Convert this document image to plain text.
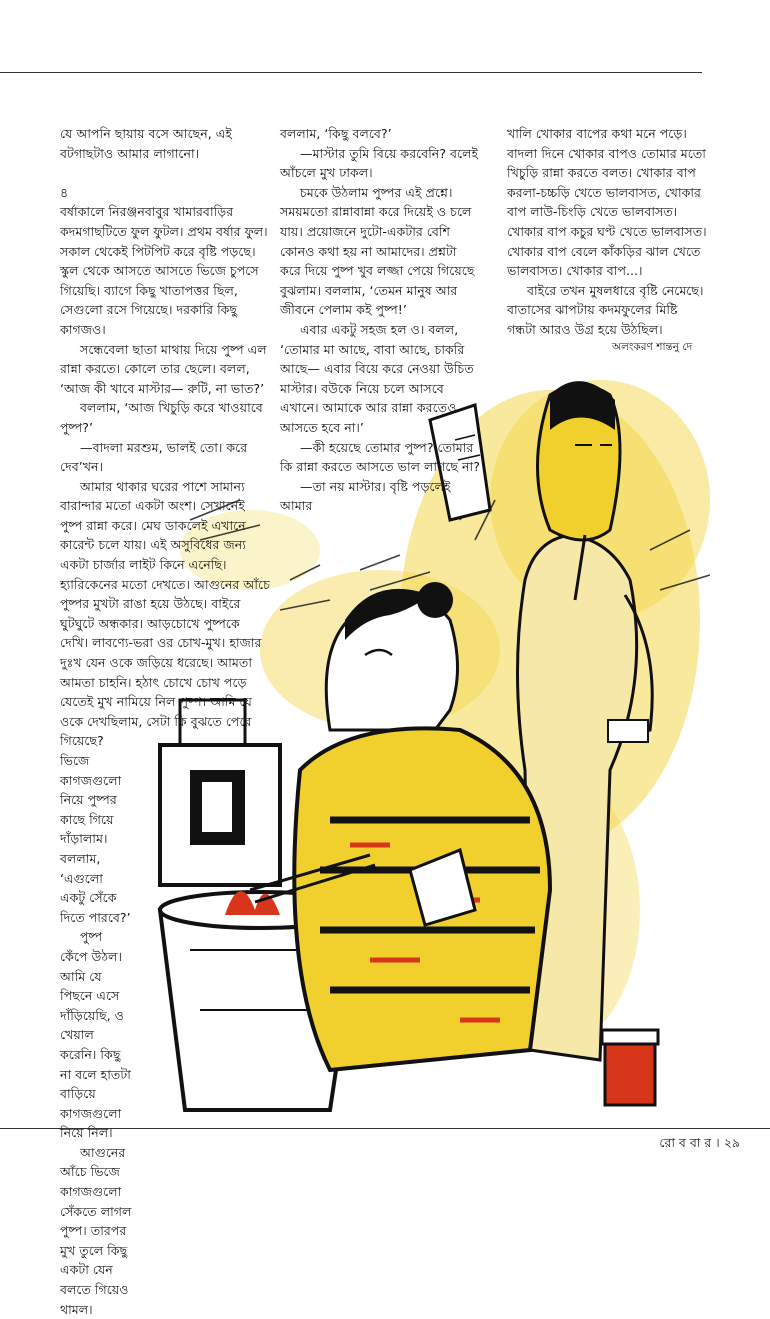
যে আপনি ছায়ায় বসে আছেন, এই বটগাছটাও আমার লাগানো।

৪

বর্ষাকালে নিরঞ্জনবাবুর খামারবাড়ির কদমগাছটিতে ফুল ফুটল। প্রথম বর্ষার ফুল। সকাল থেকেই পিটপিট করে বৃষ্টি পড়ছে। স্কুল থেকে আসতে আসতে ভিজে চুপসে গিয়েছি। ব্যাগে কিছু খাতাপত্তর ছিল, সেগুলো রসে গিয়েছে। দরকারি কিছু কাগজও।

সন্ধেবেলা ছাতা মাথায় দিয়ে পুষ্প এল রান্না করতে। কোলে তার ছেলে। বলল, ‘আজ কী খাবে মাস্টার— রুটি, না ভাত?’

বললাম, ‘আজ খিচুড়ি করে খাওয়াবে পুষ্প?’

—বাদলা মরশুম, ভালই তো। করে দেব’খন।

আমার থাকার ঘরের পাশে সামান্য বারান্দার মতো একটা অংশ। সেখানেই পুষ্প রান্না করে। মেঘ ডাকলেই এখানে কারেন্ট চলে যায়। এই অসুবিধের জন্য একটা চার্জার লাইট কিনে এনেছি। হ্যারিকেনের মতো দেখতে। আগুনের আঁচে পুষ্পর মুখটা রাঙা হয়ে উঠছে। বাইরে ঘুটঘুটে অন্ধকার। আড়চোখে পুষ্পকে দেখি। লাবণ্যে-ভরা ওর চোখ-মুখ। হাজার দুঃখ যেন ওকে জড়িয়ে ধরেছে। আমতা আমতা চাহনি। হঠাৎ চোখে চোখ পড়ে যেতেই মুখ নামিয়ে নিল পুষ্প। আমি যে ওকে দেখছিলাম, সেটা কি বুঝতে পেরে গিয়েছে?

ভিজে কাগজগুলো নিয়ে পুষ্পর কাছে গিয়ে দাঁড়ালাম। বললাম, ‘এগুলো একটু সেঁকে দিতে পারবে?’

পুষ্প কেঁপে উঠল। আমি যে পিছনে এসে দাঁড়িয়েছি, ও খেয়াল করেনি। কিছু না বলে হাতটা বাড়িয়ে কাগজগুলো নিয়ে নিল।

আগুনের আঁচে ভিজে কাগজগুলো সেঁকতে লাগল পুষ্প। তারপর মুখ তুলে কিছু একটা যেন বলতে গিয়েও থামল।

বললাম, ‘কিছু বলবে?’

—মাস্টার তুমি বিয়ে করবেনি? বলেই আঁচলে মুখ ঢাকল।

চমকে উঠলাম পুষ্পর এই প্রশ্নে। সময়মতো রান্নাবান্না করে দিয়েই ও চলে যায়। প্রয়োজনে দুটো-একটার বেশি কোনও কথা হয় না আমাদের। প্রশ্নটা করে দিয়ে পুষ্প খুব লজ্জা পেয়ে গিয়েছে বুঝলাম। বললাম, ‘তেমন মানুষ আর জীবনে পেলাম কই পুষ্প!’

এবার একটু সহজ হল ও। বলল, ‘তোমার মা আছে, বাবা আছে, চাকরি আছে— এবার বিয়ে করে নেওয়া উচিত মাস্টার। বউকে নিয়ে চলে আসবে এখানে। আমাকে আর রান্না করতেও আসতে হবে না।’

—কী হয়েছে তোমার পুষ্প? তোমার কি রান্না করতে আসতে ভাল লাগছে না?

—তা নয় মাস্টার। বৃষ্টি পড়লেই আমার

খালি খোকার বাপের কথা মনে পড়ে। বাদলা দিনে খোকার বাপও তোমার মতো খিচুড়ি রান্না করতে বলত। খোকার বাপ করলা-চচ্চড়ি খেতে ভালবাসত, খোকার বাপ লাউ-চিংড়ি খেতে ভালবাসত। খোকার বাপ কচুর ঘণ্ট খেতে ভালবাসত। খোকার বাপ বেলে কাঁকড়ির ঝাল খেতে ভালবাসত। খোকার বাপ...।

বাইরে তখন মুষলধারে বৃষ্টি নেমেছে। বাতাসের ঝাপটায় কদমফুলের মিষ্টি গন্ধটা আরও উগ্র হয়ে উঠছিল।

অলংকরণ শান্তনু দে
রো ব বা র । ২৯
